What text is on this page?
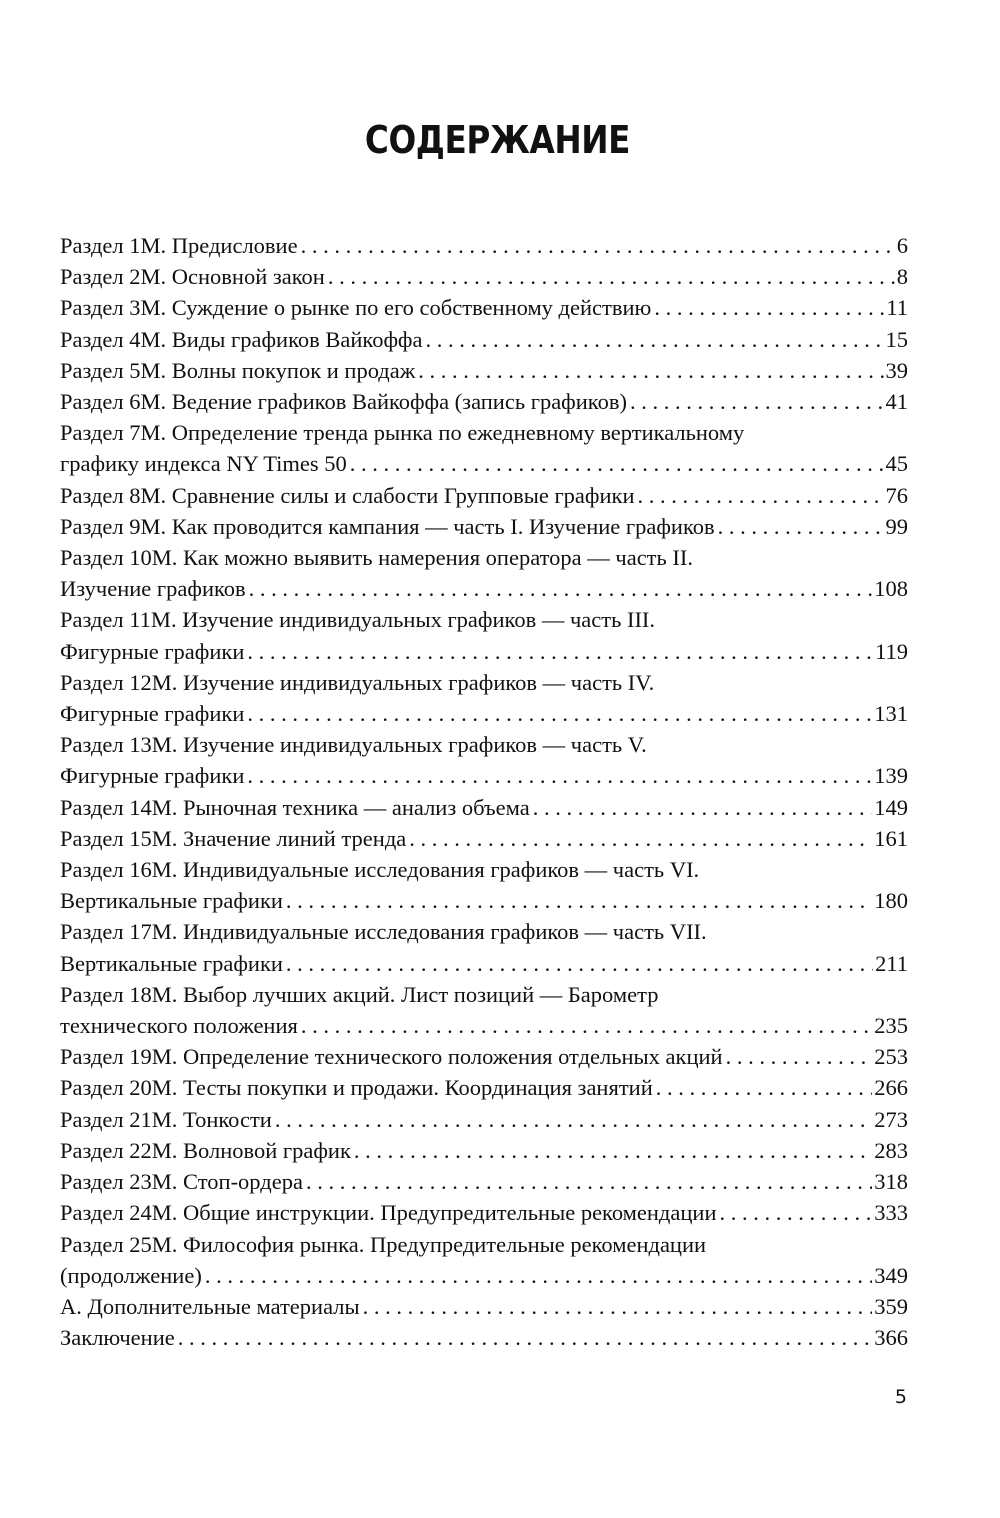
СОДЕРЖАНИЕ
Раздел 1М. Предисловие . . .	6
Раздел 2М. Основной закон . . .	8
Раздел 3М. Суждение о рынке по его собственному действию . . .	11
Раздел 4М. Виды графиков Вайкоффа . . .	15
Раздел 5М. Волны покупок и продаж . . .	39
Раздел 6М. Ведение графиков Вайкоффа (запись графиков) . . .	41
Раздел 7М. Определение тренда рынка по ежедневному вертикальному
графику индекса NY Times 50 . . .	45
Раздел 8М. Сравнение силы и слабости Групповые графики . . .	76
Раздел 9М. Как проводится кампания — часть I. Изучение графиков . . .	99
Раздел 10М. Как можно выявить намерения оператора — часть II.
Изучение графиков . . .	108
Раздел 11М. Изучение индивидуальных графиков — часть III.
Фигурные графики . . .	119
Раздел 12М. Изучение индивидуальных графиков — часть IV.
Фигурные графики . . .	131
Раздел 13М. Изучение индивидуальных графиков — часть V.
Фигурные графики . . .	139
Раздел 14М. Рыночная техника — анализ объема . . .	149
Раздел 15М. Значение линий тренда . . .	161
Раздел 16М. Индивидуальные исследования графиков — часть VI.
Вертикальные графики . . .	180
Раздел 17М. Индивидуальные исследования графиков — часть VII.
Вертикальные графики . . .	211
Раздел 18М. Выбор лучших акций. Лист позиций — Барометр
технического положения . . .	235
Раздел 19М. Определение технического положения отдельных акций . . .	253
Раздел 20М. Тесты покупки и продажи. Координация занятий . . .	266
Раздел 21М. Тонкости . . .	273
Раздел 22М. Волновой график . . .	283
Раздел 23М. Стоп-ордера . . .	318
Раздел 24М. Общие инструкции. Предупредительные рекомендации . . .	333
Раздел 25М. Философия рынка. Предупредительные рекомендации
(продолжение) . . .	349
А. Дополнительные материалы . . .	359
Заключение . . .	366

5
